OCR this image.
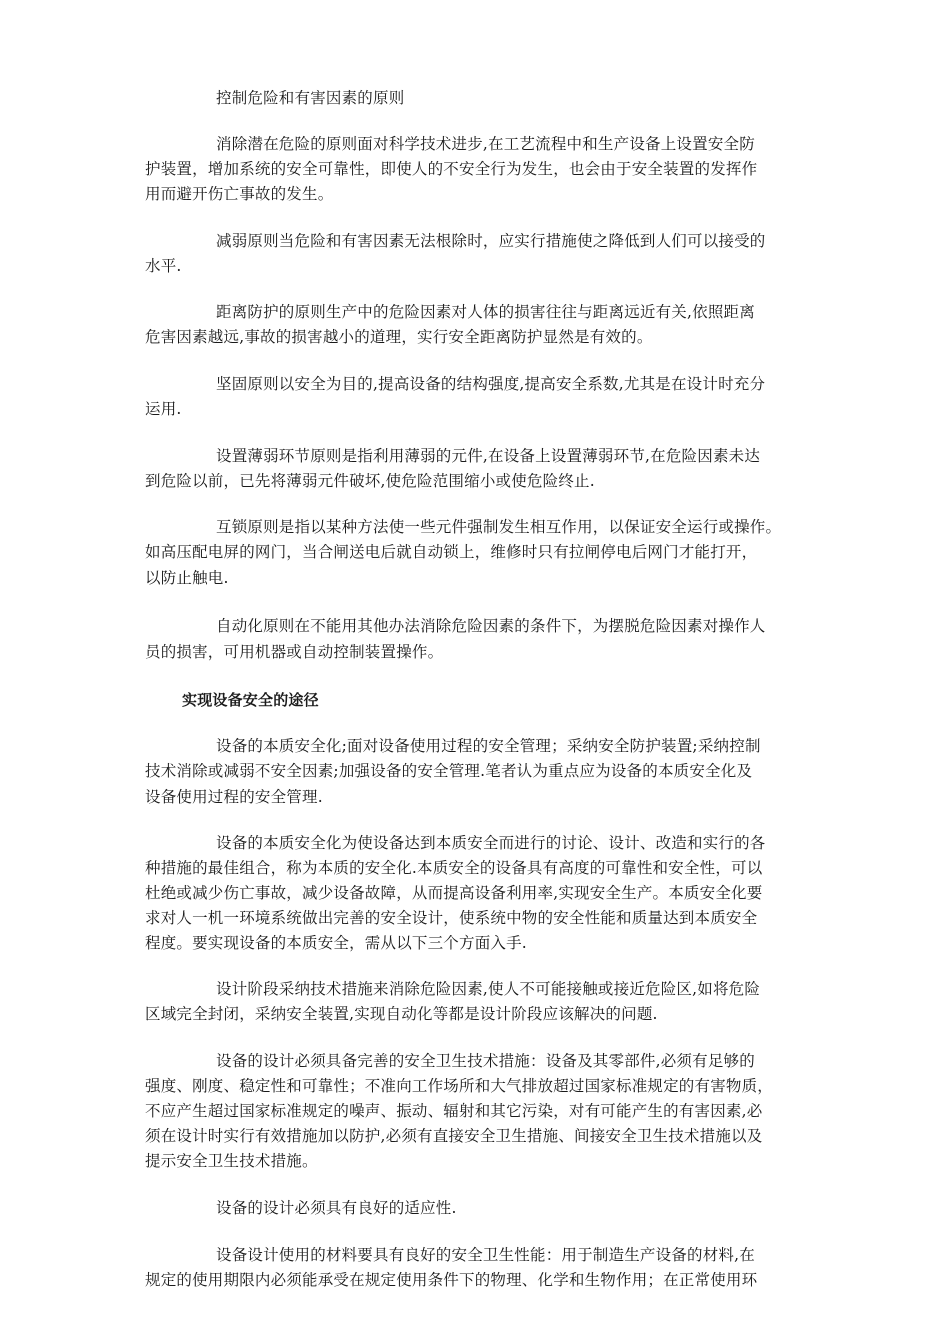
控制危险和有害因素的原则
消除潜在危险的原则面对科学技术进步,在工艺流程中和生产设备上设置安全防
护装置，增加系统的安全可靠性，即使人的不安全行为发生，也会由于安全装置的发挥作
用而避开伤亡事故的发生。
减弱原则当危险和有害因素无法根除时，应实行措施使之降低到人们可以接受的
水平.
距离防护的原则生产中的危险因素对人体的损害往往与距离远近有关,依照距离
危害因素越远,事故的损害越小的道理，实行安全距离防护显然是有效的。
坚固原则以安全为目的,提高设备的结构强度,提高安全系数,尤其是在设计时充分
运用.
设置薄弱环节原则是指利用薄弱的元件,在设备上设置薄弱环节,在危险因素未达
到危险以前，已先将薄弱元件破坏,使危险范围缩小或使危险终止.
互锁原则是指以某种方法使一些元件强制发生相互作用，以保证安全运行或操作。
如高压配电屏的网门，当合闸送电后就自动锁上，维修时只有拉闸停电后网门才能打开，
以防止触电.
自动化原则在不能用其他办法消除危险因素的条件下，为摆脱危险因素对操作人
员的损害，可用机器或自动控制装置操作。
实现设备安全的途径
设备的本质安全化;面对设备使用过程的安全管理；采纳安全防护装置;采纳控制
技术消除或减弱不安全因素;加强设备的安全管理.笔者认为重点应为设备的本质安全化及
设备使用过程的安全管理.
设备的本质安全化为使设备达到本质安全而进行的讨论、设计、改造和实行的各
种措施的最佳组合，称为本质的安全化.本质安全的设备具有高度的可靠性和安全性，可以
杜绝或减少伤亡事故，减少设备故障，从而提高设备利用率,实现安全生产。本质安全化要
求对人一机一环境系统做出完善的安全设计，使系统中物的安全性能和质量达到本质安全
程度。要实现设备的本质安全，需从以下三个方面入手.
设计阶段采纳技术措施来消除危险因素,使人不可能接触或接近危险区,如将危险
区域完全封闭，采纳安全装置,实现自动化等都是设计阶段应该解决的问题.
设备的设计必须具备完善的安全卫生技术措施：设备及其零部件,必须有足够的
强度、刚度、稳定性和可靠性；不准向工作场所和大气排放超过国家标准规定的有害物质，
不应产生超过国家标准规定的噪声、振动、辐射和其它污染，对有可能产生的有害因素,必
须在设计时实行有效措施加以防护,必须有直接安全卫生措施、间接安全卫生技术措施以及
提示安全卫生技术措施。
设备的设计必须具有良好的适应性.
设备设计使用的材料要具有良好的安全卫生性能：用于制造生产设备的材料,在
规定的使用期限内必须能承受在规定使用条件下的物理、化学和生物作用；在正常使用环
